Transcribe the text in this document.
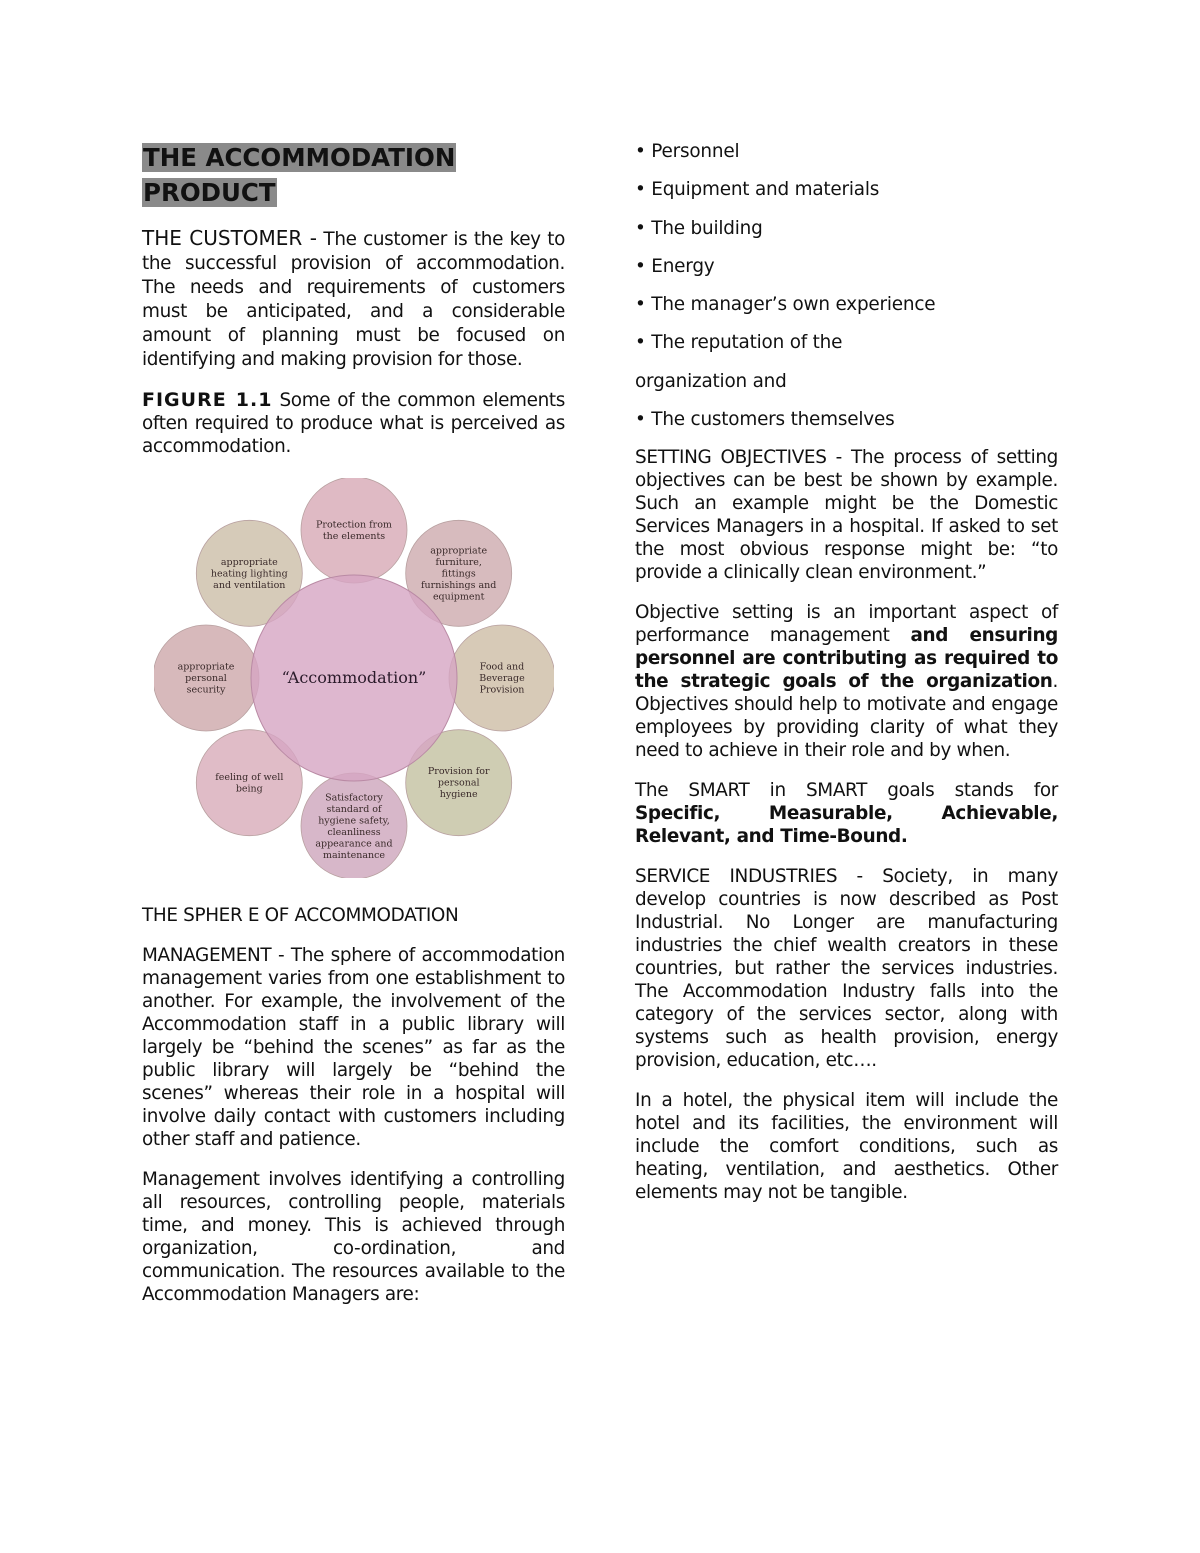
THE ACCOMMODATION
PRODUCT

THE CUSTOMER - The customer is the key to the successful provision of accommodation. The needs and requirements of customers must be anticipated, and a considerable amount of planning must be focused on identifying and making provision for those.

FIGURE 1.1 Some of the common elements often required to produce what is perceived as accommodation.

“Accommodation”
Protection from
the elements
appropriate
furniture,
fittings
furnishings and
equipment
Food and
Beverage
Provision
Provision for
personal
hygiene
Satisfactory
standard of
hygiene safety,
cleanliness
appearance and
maintenance
feeling of well
being
appropriate
personal
security
appropriate
heating lighting
and ventilation

THE SPHER E OF ACCOMMODATION

MANAGEMENT - The sphere of accommodation management varies from one establishment to another. For example, the involvement of the Accommodation staff in a public library will largely be “behind the scenes” as far as the public library will largely be “behind the scenes” whereas their role in a hospital will involve daily contact with customers including other staff and patience.

Management involves identifying a controlling all resources, controlling people, materials time, and money. This is achieved through organization, co-ordination, and communication. The resources available to the Accommodation Managers are:

• Personnel

• Equipment and materials

• The building

• Energy

• The manager’s own experience

• The reputation of the

organization and

• The customers themselves

SETTING OBJECTIVES - The process of setting objectives can be best be shown by example. Such an example might be the Domestic Services Managers in a hospital. If asked to set the most obvious response might be: “to provide a clinically clean environment.”

Objective setting is an important aspect of performance management and ensuring personnel are contributing as required to the strategic goals of the organization. Objectives should help to motivate and engage employees by providing clarity of what they need to achieve in their role and by when.

The SMART in SMART goals stands for Specific, Measurable, Achievable, Relevant, and Time-Bound.

SERVICE INDUSTRIES - Society, in many develop countries is now described as Post Industrial. No Longer are manufacturing industries the chief wealth creators in these countries, but rather the services industries. The Accommodation Industry falls into the category of the services sector, along with systems such as health provision, energy provision, education, etc….

In a hotel, the physical item will include the hotel and its facilities, the environment will include the comfort conditions, such as heating, ventilation, and aesthetics. Other elements may not be tangible.
